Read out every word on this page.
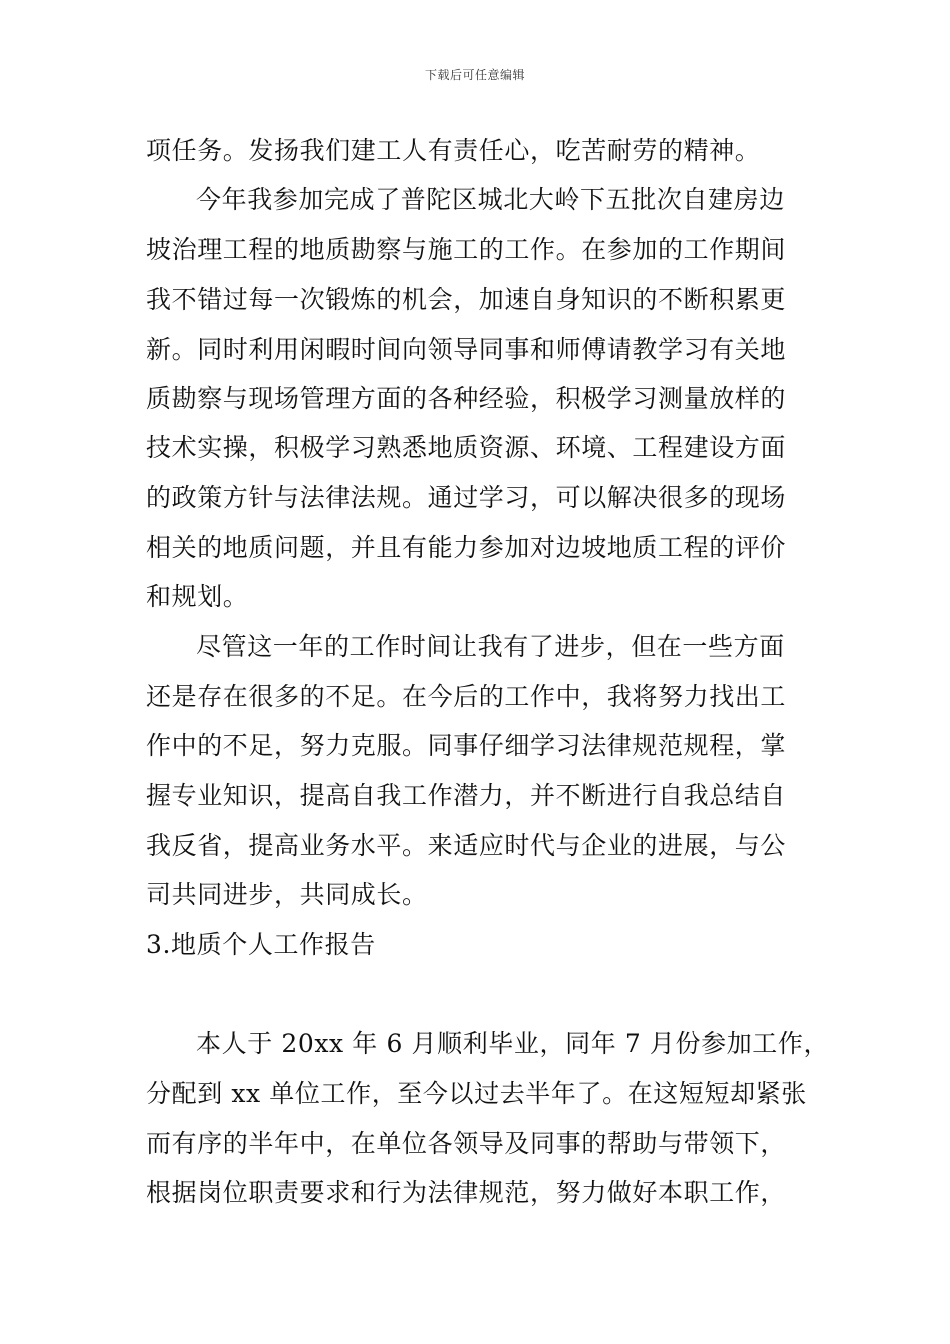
下载后可任意编辑
项任务。发扬我们建工人有责任心，吃苦耐劳的精神。
今年我参加完成了普陀区城北大岭下五批次自建房边
坡治理工程的地质勘察与施工的工作。在参加的工作期间
我不错过每一次锻炼的机会，加速自身知识的不断积累更
新。同时利用闲暇时间向领导同事和师傅请教学习有关地
质勘察与现场管理方面的各种经验，积极学习测量放样的
技术实操，积极学习熟悉地质资源、环境、工程建设方面
的政策方针与法律法规。通过学习，可以解决很多的现场
相关的地质问题，并且有能力参加对边坡地质工程的评价
和规划。
尽管这一年的工作时间让我有了进步，但在一些方面
还是存在很多的不足。在今后的工作中，我将努力找出工
作中的不足，努力克服。同事仔细学习法律规范规程，掌
握专业知识，提高自我工作潜力，并不断进行自我总结自
我反省，提高业务水平。来适应时代与企业的进展，与公
司共同进步，共同成长。
3.地质个人工作报告
本人于 20xx 年 6 月顺利毕业，同年 7 月份参加工作，
分配到 xx 单位工作，至今以过去半年了。在这短短却紧张
而有序的半年中，在单位各领导及同事的帮助与带领下，
根据岗位职责要求和行为法律规范，努力做好本职工作，
